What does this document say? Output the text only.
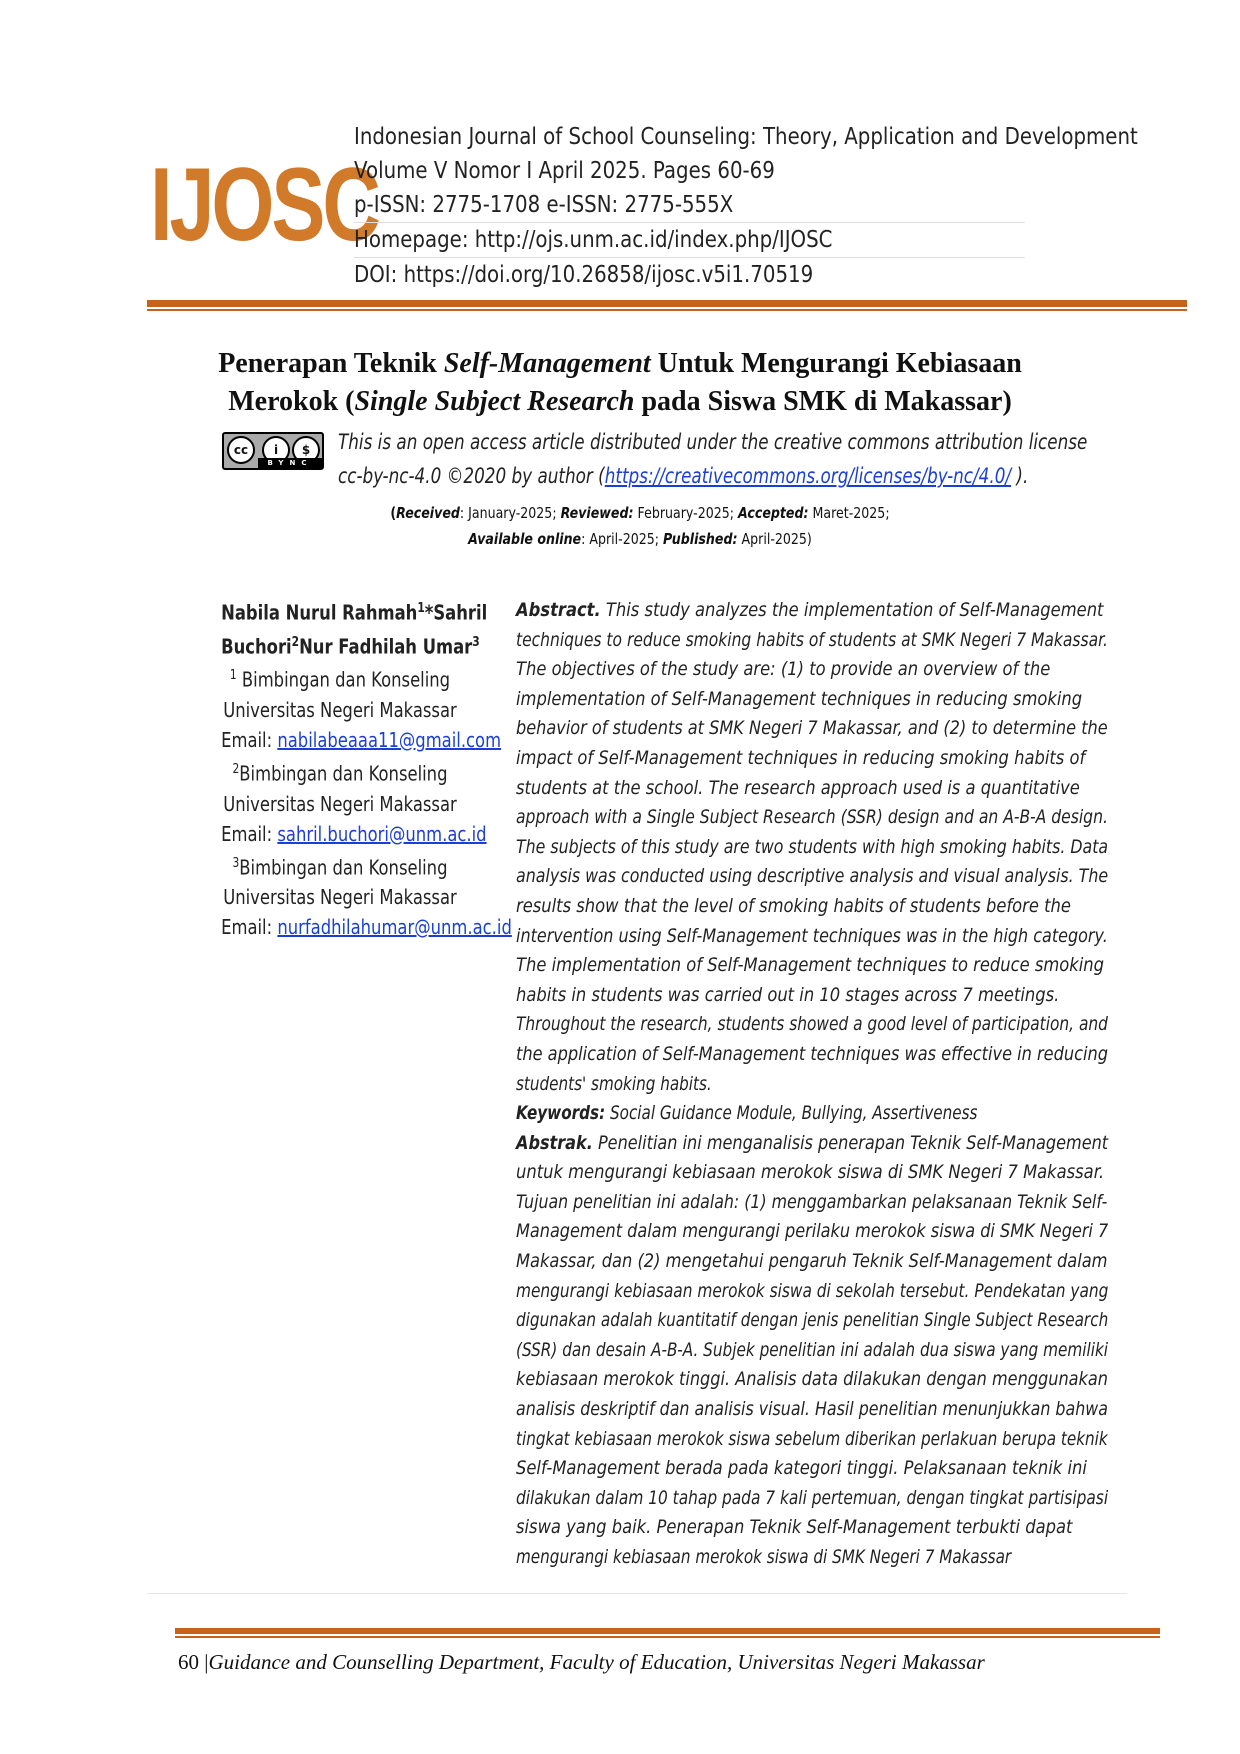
IJOSC
Indonesian Journal of School Counseling: Theory, Application and Development
Volume V Nomor I April 2025. Pages 60-69
p-ISSN: 2775-1708 e-ISSN: 2775-555X
Homepage: http://ojs.unm.ac.id/index.php/IJOSC
DOI: https://doi.org/10.26858/ijosc.v5i1.70519
Penerapan Teknik Self-Management Untuk Mengurangi Kebiasaan Merokok (Single Subject Research pada Siswa SMK di Makassar)
cc	i	$
BYNC
This is an open access article distributed under the creative commons attribution license
cc-by-nc-4.0 ©2020 by author (https://creativecommons.org/licenses/by-nc/4.0/ ).
(Received: January-2025; Reviewed: February-2025; Accepted: Maret-2025;
Available online: April-2025; Published: April-2025)
Nabila Nurul Rahmah$^1$*Sahril
Buchori$^2$Nur Fadhilah Umar$^3$
$^1$ Bimbingan dan Konseling
Universitas Negeri Makassar
Email: nabilabeaaa11@gmail.com
$^2$Bimbingan dan Konseling
Universitas Negeri Makassar
Email: sahril.buchori@unm.ac.id
$^3$Bimbingan dan Konseling
Universitas Negeri Makassar
Email: nurfadhilahumar@unm.ac.id
Abstract. This study analyzes the implementation of Self-Management
techniques to reduce smoking habits of students at SMK Negeri 7 Makassar.
The objectives of the study are: (1) to provide an overview of the
implementation of Self-Management techniques in reducing smoking
behavior of students at SMK Negeri 7 Makassar, and (2) to determine the
impact of Self-Management techniques in reducing smoking habits of
students at the school. The research approach used is a quantitative
approach with a Single Subject Research (SSR) design and an A-B-A design.
The subjects of this study are two students with high smoking habits. Data
analysis was conducted using descriptive analysis and visual analysis. The
results show that the level of smoking habits of students before the
intervention using Self-Management techniques was in the high category.
The implementation of Self-Management techniques to reduce smoking
habits in students was carried out in 10 stages across 7 meetings.
Throughout the research, students showed a good level of participation, and
the application of Self-Management techniques was effective in reducing
students' smoking habits.
Keywords: Social Guidance Module, Bullying, Assertiveness
Abstrak. Penelitian ini menganalisis penerapan Teknik Self-Management
untuk mengurangi kebiasaan merokok siswa di SMK Negeri 7 Makassar.
Tujuan penelitian ini adalah: (1) menggambarkan pelaksanaan Teknik Self-
Management dalam mengurangi perilaku merokok siswa di SMK Negeri 7
Makassar, dan (2) mengetahui pengaruh Teknik Self-Management dalam
mengurangi kebiasaan merokok siswa di sekolah tersebut. Pendekatan yang
digunakan adalah kuantitatif dengan jenis penelitian Single Subject Research
(SSR) dan desain A-B-A. Subjek penelitian ini adalah dua siswa yang memiliki
kebiasaan merokok tinggi. Analisis data dilakukan dengan menggunakan
analisis deskriptif dan analisis visual. Hasil penelitian menunjukkan bahwa
tingkat kebiasaan merokok siswa sebelum diberikan perlakuan berupa teknik
Self-Management berada pada kategori tinggi. Pelaksanaan teknik ini
dilakukan dalam 10 tahap pada 7 kali pertemuan, dengan tingkat partisipasi
siswa yang baik. Penerapan Teknik Self-Management terbukti dapat
mengurangi kebiasaan merokok siswa di SMK Negeri 7 Makassar
60 |Guidance and Counselling Department, Faculty of Education, Universitas Negeri Makassar
